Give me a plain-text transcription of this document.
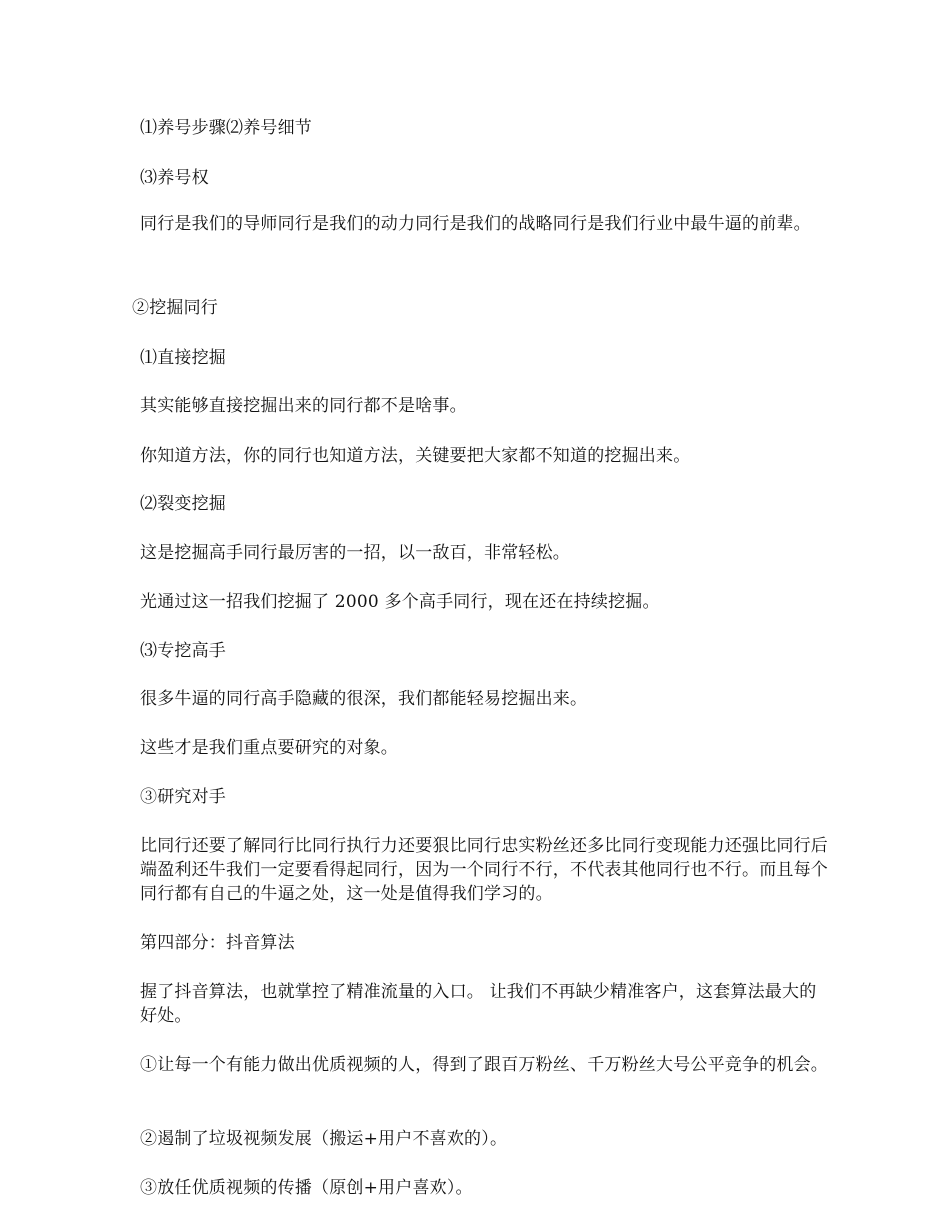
⑴养号步骤⑵养号细节

⑶养号权

同行是我们的导师同行是我们的动力同行是我们的战略同行是我们行业中最牛逼的前辈。

②挖掘同行

⑴直接挖掘

其实能够直接挖掘出来的同行都不是啥事。

你知道方法，你的同行也知道方法，关键要把大家都不知道的挖掘出来。

⑵裂变挖掘

这是挖掘高手同行最厉害的一招，以一敌百，非常轻松。

光通过这一招我们挖掘了 2000 多个高手同行，现在还在持续挖掘。

⑶专挖高手

很多牛逼的同行高手隐藏的很深，我们都能轻易挖掘出来。

这些才是我们重点要研究的对象。

③研究对手

比同行还要了解同行比同行执行力还要狠比同行忠实粉丝还多比同行变现能力还强比同行后端盈利还牛我们一定要看得起同行，因为一个同行不行，不代表其他同行也不行。而且每个同行都有自己的牛逼之处，这一处是值得我们学习的。

第四部分：抖音算法

握了抖音算法，也就掌控了精准流量的入口。 让我们不再缺少精准客户，这套算法最大的好处。

①让每一个有能力做出优质视频的人，得到了跟百万粉丝、千万粉丝大号公平竞争的机会。

②遏制了垃圾视频发展（搬运+用户不喜欢的）。

③放任优质视频的传播（原创+用户喜欢）。
